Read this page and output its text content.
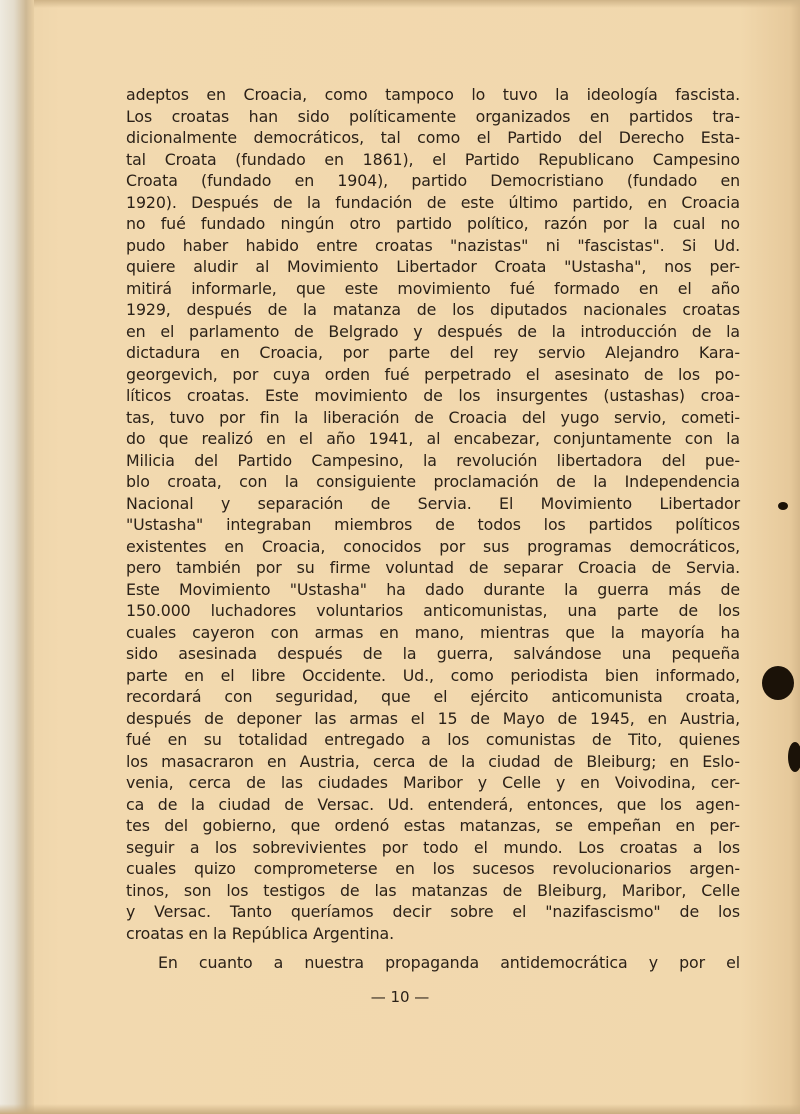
adeptos en Croacia, como tampoco lo tuvo la ideología fascista.
Los croatas han sido políticamente organizados en partidos tra-
dicionalmente democráticos, tal como el Partido del Derecho Esta-
tal Croata (fundado en 1861), el Partido Republicano Campesino
Croata (fundado en 1904), partido Democristiano (fundado en
1920). Después de la fundación de este último partido, en Croacia
no fué fundado ningún otro partido político, razón por la cual no
pudo haber habido entre croatas "nazistas" ni "fascistas". Si Ud.
quiere aludir al Movimiento Libertador Croata "Ustasha", nos per-
mitirá informarle, que este movimiento fué formado en el año
1929, después de la matanza de los diputados nacionales croatas
en el parlamento de Belgrado y después de la introducción de la
dictadura en Croacia, por parte del rey servio Alejandro Kara-
georgevich, por cuya orden fué perpetrado el asesinato de los po-
líticos croatas. Este movimiento de los insurgentes (ustashas) croa-
tas, tuvo por fin la liberación de Croacia del yugo servio, cometi-
do que realizó en el año 1941, al encabezar, conjuntamente con la
Milicia del Partido Campesino, la revolución libertadora del pue-
blo croata, con la consiguiente proclamación de la Independencia
Nacional y separación de Servia. El Movimiento Libertador
"Ustasha" integraban miembros de todos los partidos políticos
existentes en Croacia, conocidos por sus programas democráticos,
pero también por su firme voluntad de separar Croacia de Servia.
Este Movimiento "Ustasha" ha dado durante la guerra más de
150.000 luchadores voluntarios anticomunistas, una parte de los
cuales cayeron con armas en mano, mientras que la mayoría ha
sido asesinada después de la guerra, salvándose una pequeña
parte en el libre Occidente. Ud., como periodista bien informado,
recordará con seguridad, que el ejército anticomunista croata,
después de deponer las armas el 15 de Mayo de 1945, en Austria,
fué en su totalidad entregado a los comunistas de Tito, quienes
los masacraron en Austria, cerca de la ciudad de Bleiburg; en Eslo-
venia, cerca de las ciudades Maribor y Celle y en Voivodina, cer-
ca de la ciudad de Versac. Ud. entenderá, entonces, que los agen-
tes del gobierno, que ordenó estas matanzas, se empeñan en per-
seguir a los sobrevivientes por todo el mundo. Los croatas a los
cuales quizo comprometerse en los sucesos revolucionarios argen-
tinos, son los testigos de las matanzas de Bleiburg, Maribor, Celle
y Versac. Tanto queríamos decir sobre el "nazifascismo" de los
croatas en la República Argentina.
En cuanto a nuestra propaganda antidemocrática y por el
— 10 —
